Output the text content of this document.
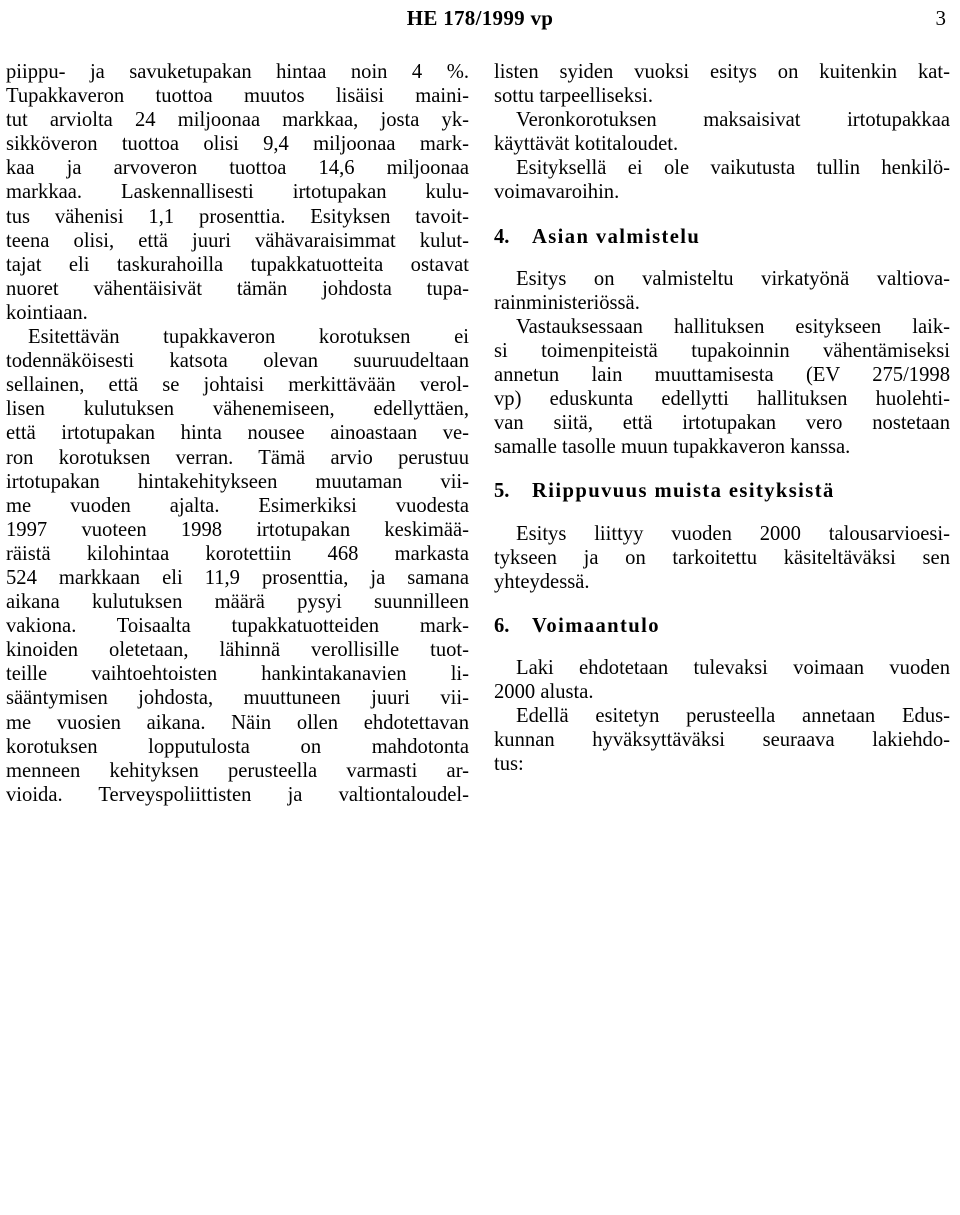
HE 178/1999 vp	3
piippu- ja savuketupakan hintaa noin 4 %.
Tupakkaveron tuottoa muutos lisäisi maini-
tut arviolta 24 miljoonaa markkaa, josta yk-
sikköveron tuottoa olisi 9,4 miljoonaa mark-
kaa ja arvoveron tuottoa 14,6 miljoonaa
markkaa. Laskennallisesti irtotupakan kulu-
tus vähenisi 1,1 prosenttia. Esityksen tavoit-
teena olisi, että juuri vähävaraisimmat kulut-
tajat eli taskurahoilla tupakkatuotteita ostavat
nuoret vähentäisivät tämän johdosta tupa-
kointiaan.
Esitettävän tupakkaveron korotuksen ei
todennäköisesti katsota olevan suuruudeltaan
sellainen, että se johtaisi merkittävään verol-
lisen kulutuksen vähenemiseen, edellyttäen,
että irtotupakan hinta nousee ainoastaan ve-
ron korotuksen verran. Tämä arvio perustuu
irtotupakan hintakehitykseen muutaman vii-
me vuoden ajalta. Esimerkiksi vuodesta
1997 vuoteen 1998 irtotupakan keskimää-
räistä kilohintaa korotettiin 468 markasta
524 markkaan eli 11,9 prosenttia, ja samana
aikana kulutuksen määrä pysyi suunnilleen
vakiona. Toisaalta tupakkatuotteiden mark-
kinoiden oletetaan, lähinnä verollisille tuot-
teille vaihtoehtoisten hankintakanavien li-
sääntymisen johdosta, muuttuneen juuri vii-
me vuosien aikana. Näin ollen ehdotettavan
korotuksen lopputulosta on mahdotonta
menneen kehityksen perusteella varmasti ar-
vioida. Terveyspoliittisten ja valtiontaloudel-
listen syiden vuoksi esitys on kuitenkin kat-
sottu tarpeelliseksi.
Veronkorotuksen maksaisivat irtotupakkaa
käyttävät kotitaloudet.
Esityksellä ei ole vaikutusta tullin henkilö-
voimavaroihin.
4. Asian valmistelu
Esitys on valmisteltu virkatyönä valtiova-
rainministeriössä.
Vastauksessaan hallituksen esitykseen laik-
si toimenpiteistä tupakoinnin vähentämiseksi
annetun lain muuttamisesta (EV 275/1998
vp) eduskunta edellytti hallituksen huolehti-
van siitä, että irtotupakan vero nostetaan
samalle tasolle muun tupakkaveron kanssa.
5. Riippuvuus muista esityksistä
Esitys liittyy vuoden 2000 talousarvioesi-
tykseen ja on tarkoitettu käsiteltäväksi sen
yhteydessä.
6. Voimaantulo
Laki ehdotetaan tulevaksi voimaan vuoden
2000 alusta.
Edellä esitetyn perusteella annetaan Edus-
kunnan hyväksyttäväksi seuraava lakiehdo-
tus:
